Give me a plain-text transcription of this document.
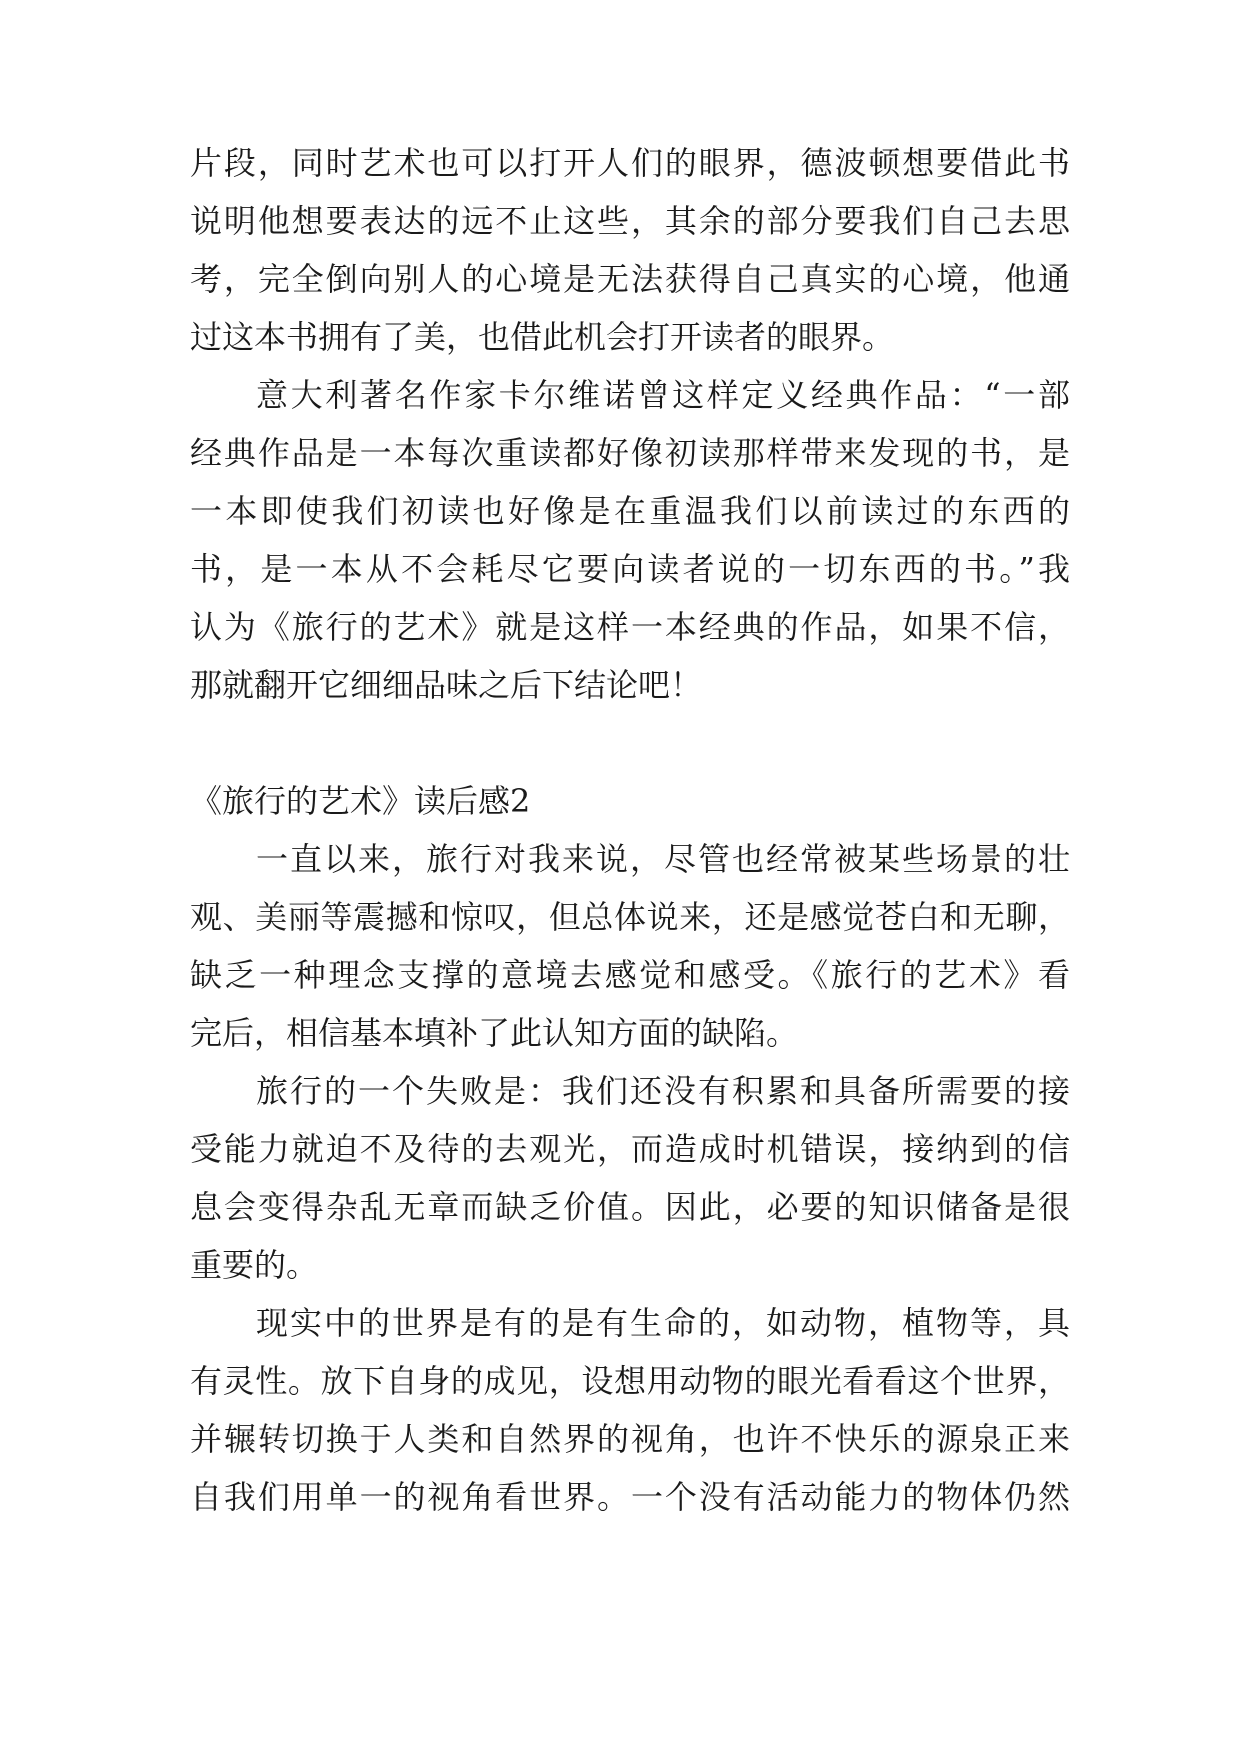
片段，同时艺术也可以打开人们的眼界，德波顿想要借此书
说明他想要表达的远不止这些，其余的部分要我们自己去思
考，完全倒向别人的心境是无法获得自己真实的心境，他通
过这本书拥有了美，也借此机会打开读者的眼界。
意大利著名作家卡尔维诺曾这样定义经典作品：“一部
经典作品是一本每次重读都好像初读那样带来发现的书，是
一本即使我们初读也好像是在重温我们以前读过的东西的
书，是一本从不会耗尽它要向读者说的一切东西的书。”我
认为《旅行的艺术》就是这样一本经典的作品，如果不信，
那就翻开它细细品味之后下结论吧！
《旅行的艺术》读后感2
一直以来，旅行对我来说，尽管也经常被某些场景的壮
观、美丽等震撼和惊叹，但总体说来，还是感觉苍白和无聊，
缺乏一种理念支撑的意境去感觉和感受。《旅行的艺术》看
完后，相信基本填补了此认知方面的缺陷。
旅行的一个失败是：我们还没有积累和具备所需要的接
受能力就迫不及待的去观光，而造成时机错误，接纳到的信
息会变得杂乱无章而缺乏价值。因此，必要的知识储备是很
重要的。
现实中的世界是有的是有生命的，如动物，植物等，具
有灵性。放下自身的成见，设想用动物的眼光看看这个世界，
并辗转切换于人类和自然界的视角，也许不快乐的源泉正来
自我们用单一的视角看世界。一个没有活动能力的物体仍然
